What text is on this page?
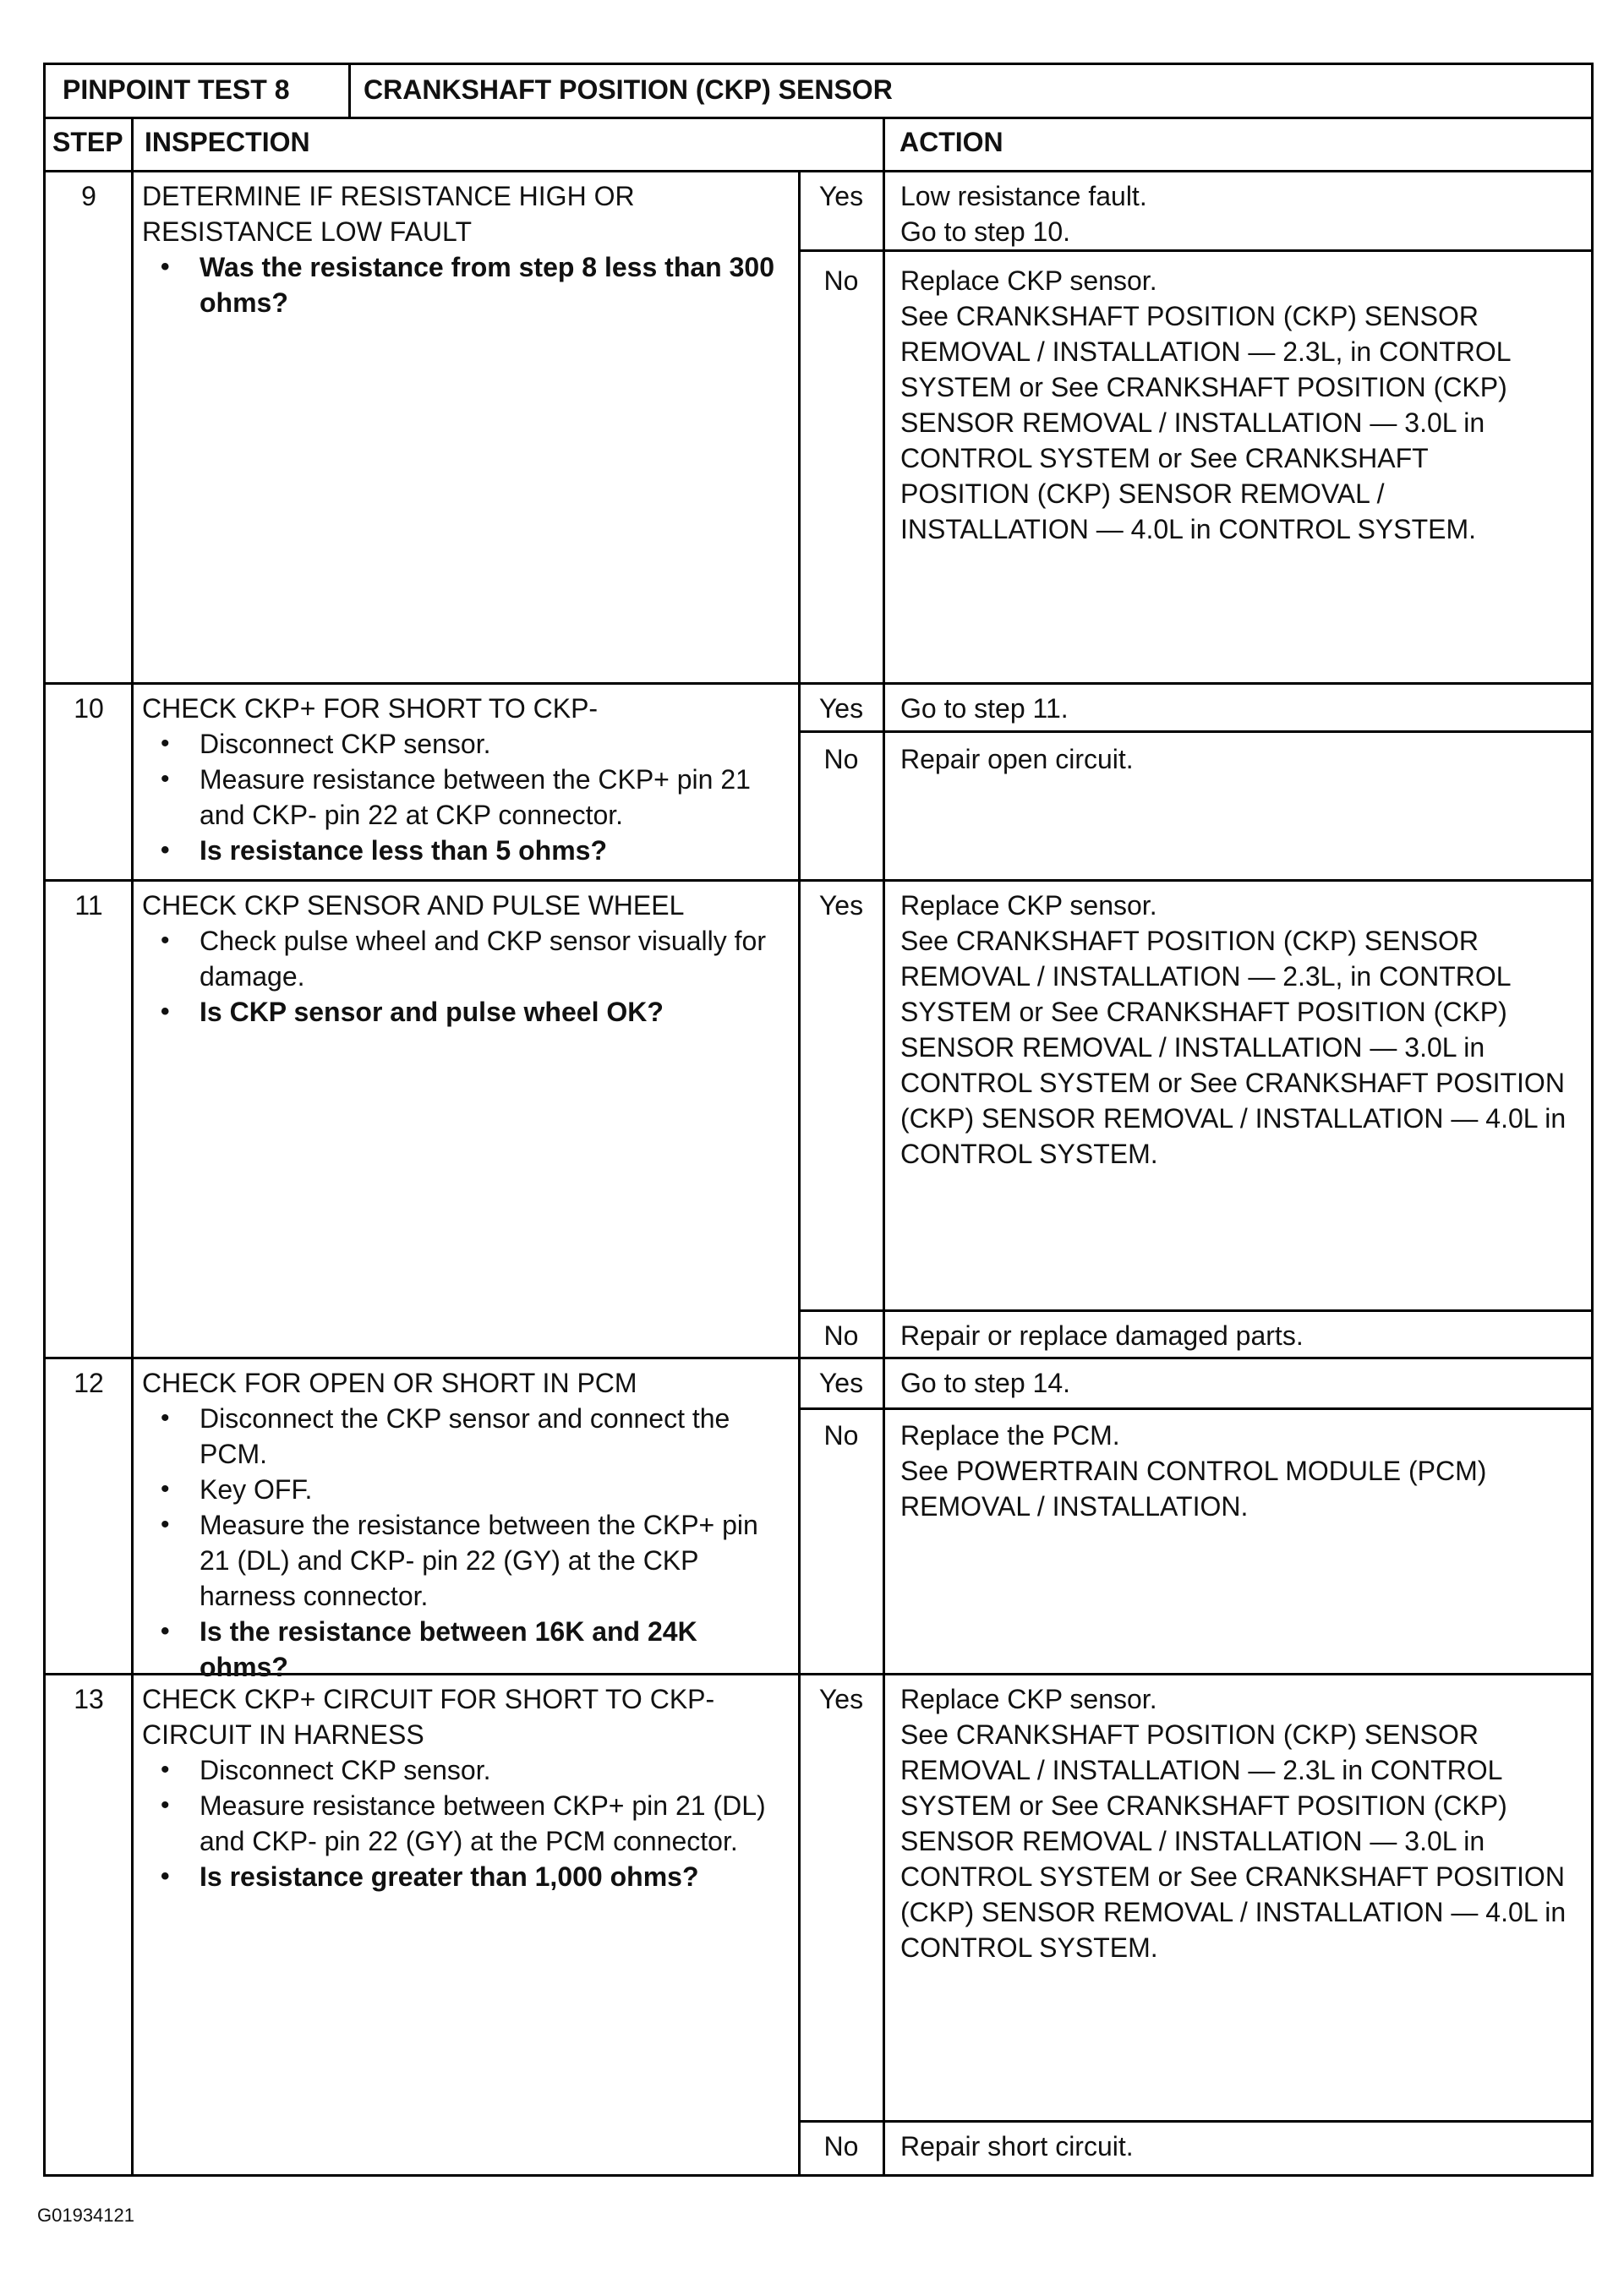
PINPOINT TEST 8	CRANKSHAFT POSITION (CKP) SENSOR
STEP INSPECTION	ACTION
9	DETERMINE IF RESISTANCE HIGH OR RESISTANCE LOW FAULT
• Was the resistance from step 8 less than 300 ohms?
Yes	Low resistance fault.
Go to step 10.
No	Replace CKP sensor.
See CRANKSHAFT POSITION (CKP) SENSOR REMOVAL / INSTALLATION — 2.3L, in CONTROL SYSTEM or See CRANKSHAFT POSITION (CKP) SENSOR REMOVAL / INSTALLATION — 3.0L in CONTROL SYSTEM or See CRANKSHAFT POSITION (CKP) SENSOR REMOVAL / INSTALLATION — 4.0L in CONTROL SYSTEM.
10	CHECK CKP+ FOR SHORT TO CKP-
• Disconnect CKP sensor.
• Measure resistance between the CKP+ pin 21 and CKP- pin 22 at CKP connector.
• Is resistance less than 5 ohms?
Yes	Go to step 11.
No	Repair open circuit.
11	CHECK CKP SENSOR AND PULSE WHEEL
• Check pulse wheel and CKP sensor visually for damage.
• Is CKP sensor and pulse wheel OK?
Yes	Replace CKP sensor.
See CRANKSHAFT POSITION (CKP) SENSOR REMOVAL / INSTALLATION — 2.3L, in CONTROL SYSTEM or See CRANKSHAFT POSITION (CKP) SENSOR REMOVAL / INSTALLATION — 3.0L in CONTROL SYSTEM or See CRANKSHAFT POSITION (CKP) SENSOR REMOVAL / INSTALLATION — 4.0L in CONTROL SYSTEM.
No	Repair or replace damaged parts.
12	CHECK FOR OPEN OR SHORT IN PCM
• Disconnect the CKP sensor and connect the PCM.
• Key OFF.
• Measure the resistance between the CKP+ pin 21 (DL) and CKP- pin 22 (GY) at the CKP harness connector.
• Is the resistance between 16K and 24K ohms?
Yes	Go to step 14.
No	Replace the PCM.
See POWERTRAIN CONTROL MODULE (PCM) REMOVAL / INSTALLATION.
13	CHECK CKP+ CIRCUIT FOR SHORT TO CKP- CIRCUIT IN HARNESS
• Disconnect CKP sensor.
• Measure resistance between CKP+ pin 21 (DL) and CKP- pin 22 (GY) at the PCM connector.
• Is resistance greater than 1,000 ohms?
Yes	Replace CKP sensor.
See CRANKSHAFT POSITION (CKP) SENSOR REMOVAL / INSTALLATION — 2.3L in CONTROL SYSTEM or See CRANKSHAFT POSITION (CKP) SENSOR REMOVAL / INSTALLATION — 3.0L in CONTROL SYSTEM or See CRANKSHAFT POSITION (CKP) SENSOR REMOVAL / INSTALLATION — 4.0L in CONTROL SYSTEM.
No	Repair short circuit.
G01934121
